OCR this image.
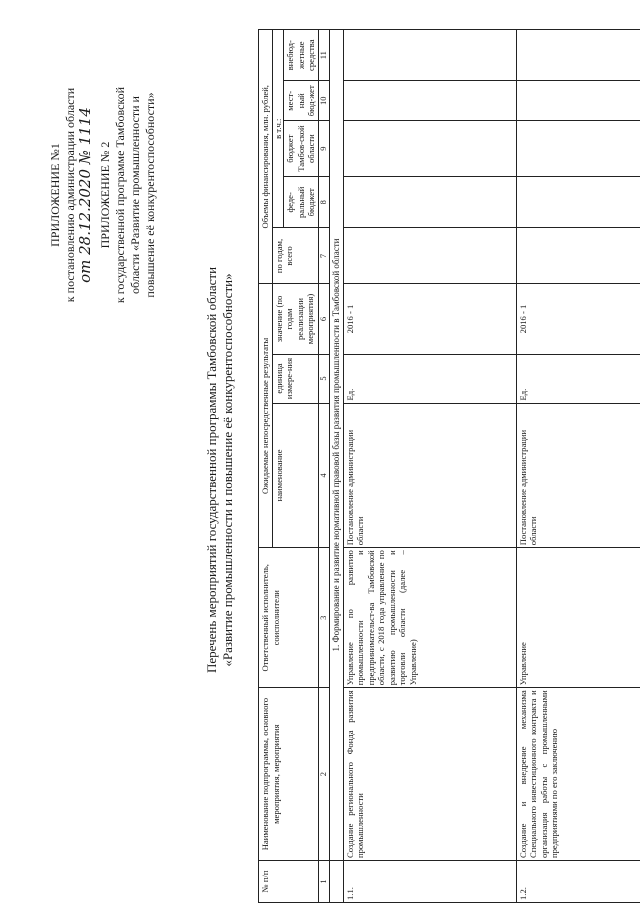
ПРИЛОЖЕНИЕ №1 к постановлению администрации области от 28.12.2020 № 1114 ПРИЛОЖЕНИЕ № 2 к государственной программе Тамбовской области «Развитие промышленности и повышение её конкурентоспособности»
Перечень мероприятий государственной программы Тамбовской области «Развитие промышленности и повышение её конкурентоспособности»
№ п/п	Наименование подпрограммы, основного мероприятия, мероприятия	Ответственный исполнитель, соисполнители	Ожидаемые непосредственные результаты			Объемы финансирования, млн. рублей,				
			наименование	единица измере-ния	значение (по годам реализации мероприятия)	по годам, всего	в т.ч.:			
							феде-ральный бюджет	бюджет Тамбов-ской области	мест-ный бюд-жет	внебюд-жетные средства
1	2	3	4	5	6	7	8	9	10	11
	1. Формирование и развитие нормативной правовой базы развития промышленности в Тамбовской области									
1.1.	Создание регионального Фонда развития промышленности	Управление по развитию промышленности и предпринимательст-ва Тамбовской области, с 2018 года управление по развитию промышленности и торговли области (далее – Управление)	Постановление администрации области	Ед.	2016 - 1					
1.2.	Создание и внедрение механизма Специального инвестиционного контракта и организация работы с промышленными предприятиями по его заключению	Управление	Постановление администрации области	Ед.	2016 - 1					
